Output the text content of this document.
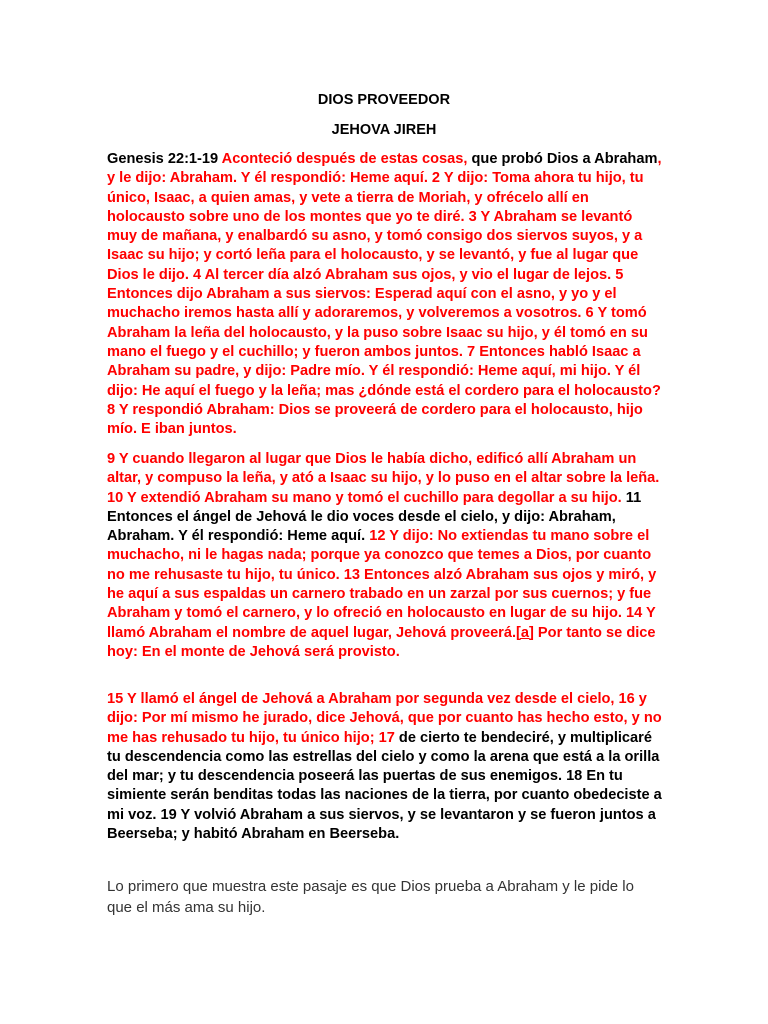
DIOS PROVEEDOR
JEHOVA JIREH
Genesis 22:1-19 Aconteció después de estas cosas, que probó Dios a Abraham, y le dijo: Abraham. Y él respondió: Heme aquí. 2 Y dijo: Toma ahora tu hijo, tu único, Isaac, a quien amas, y vete a tierra de Moriah, y ofrécelo allí en holocausto sobre uno de los montes que yo te diré. 3 Y Abraham se levantó muy de mañana, y enalbardó su asno, y tomó consigo dos siervos suyos, y a Isaac su hijo; y cortó leña para el holocausto, y se levantó, y fue al lugar que Dios le dijo. 4 Al tercer día alzó Abraham sus ojos, y vio el lugar de lejos. 5 Entonces dijo Abraham a sus siervos: Esperad aquí con el asno, y yo y el muchacho iremos hasta allí y adoraremos, y volveremos a vosotros. 6 Y tomó Abraham la leña del holocausto, y la puso sobre Isaac su hijo, y él tomó en su mano el fuego y el cuchillo; y fueron ambos juntos. 7 Entonces habló Isaac a Abraham su padre, y dijo: Padre mío. Y él respondió: Heme aquí, mi hijo. Y él dijo: He aquí el fuego y la leña; mas ¿dónde está el cordero para el holocausto? 8 Y respondió Abraham: Dios se proveerá de cordero para el holocausto, hijo mío. E iban juntos.
9 Y cuando llegaron al lugar que Dios le había dicho, edificó allí Abraham un altar, y compuso la leña, y ató a Isaac su hijo, y lo puso en el altar sobre la leña. 10 Y extendió Abraham su mano y tomó el cuchillo para degollar a su hijo. 11 Entonces el ángel de Jehová le dio voces desde el cielo, y dijo: Abraham, Abraham. Y él respondió: Heme aquí. 12 Y dijo: No extiendas tu mano sobre el muchacho, ni le hagas nada; porque ya conozco que temes a Dios, por cuanto no me rehusaste tu hijo, tu único. 13 Entonces alzó Abraham sus ojos y miró, y he aquí a sus espaldas un carnero trabado en un zarzal por sus cuernos; y fue Abraham y tomó el carnero, y lo ofreció en holocausto en lugar de su hijo. 14 Y llamó Abraham el nombre de aquel lugar, Jehová proveerá.[a] Por tanto se dice hoy: En el monte de Jehová será provisto.
15 Y llamó el ángel de Jehová a Abraham por segunda vez desde el cielo, 16 y dijo: Por mí mismo he jurado, dice Jehová, que por cuanto has hecho esto, y no me has rehusado tu hijo, tu único hijo; 17 de cierto te bendeciré, y multiplicaré tu descendencia como las estrellas del cielo y como la arena que está a la orilla del mar; y tu descendencia poseerá las puertas de sus enemigos. 18 En tu simiente serán benditas todas las naciones de la tierra, por cuanto obedeciste a mi voz. 19 Y volvió Abraham a sus siervos, y se levantaron y se fueron juntos a Beerseba; y habitó Abraham en Beerseba.
Lo primero que muestra este pasaje es que Dios prueba a Abraham y le pide lo que el más ama su hijo.
